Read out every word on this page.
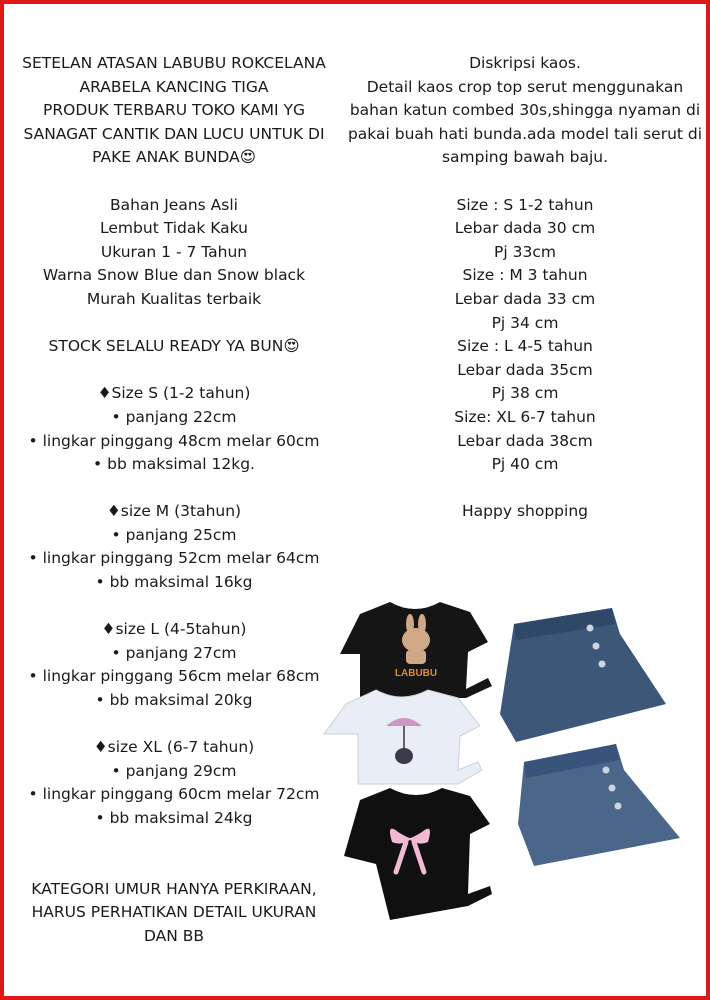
SETELAN ATASAN LABUBU ROKCELANA
ARABELA KANCING TIGA
PRODUK TERBARU TOKO KAMI YG
SANAGAT CANTIK DAN LUCU UNTUK DI
PAKE ANAK BUNDA😍
Bahan Jeans Asli
Lembut Tidak Kaku
Ukuran 1 - 7 Tahun
Warna Snow Blue dan Snow black
Murah Kualitas terbaik
STOCK SELALU READY YA BUN😍
♦Size S (1-2 tahun)
• panjang 22cm
• lingkar pinggang 48cm melar 60cm
• bb maksimal 12kg.
♦size M (3tahun)
• panjang 25cm
• lingkar pinggang 52cm melar 64cm
• bb maksimal 16kg
♦size L (4-5tahun)
• panjang 27cm
• lingkar pinggang 56cm melar 68cm
• bb maksimal 20kg
♦size XL (6-7 tahun)
• panjang 29cm
• lingkar pinggang 60cm melar 72cm
• bb maksimal 24kg
KATEGORI UMUR HANYA PERKIRAAN,
HARUS PERHATIKAN DETAIL UKURAN
DAN BB
Diskripsi kaos.
Detail kaos crop top serut menggunakan
bahan katun combed 30s,shingga nyaman di
pakai buah hati bunda.ada model tali serut di
samping bawah baju.
Size : S 1-2 tahun
Lebar dada 30 cm
Pj 33cm
Size : M 3 tahun
Lebar dada 33 cm
Pj 34 cm
Size : L 4-5 tahun
Lebar dada 35cm
Pj 38 cm
Size: XL 6-7 tahun
Lebar dada 38cm
Pj 40 cm
Happy shopping
LABUBU
